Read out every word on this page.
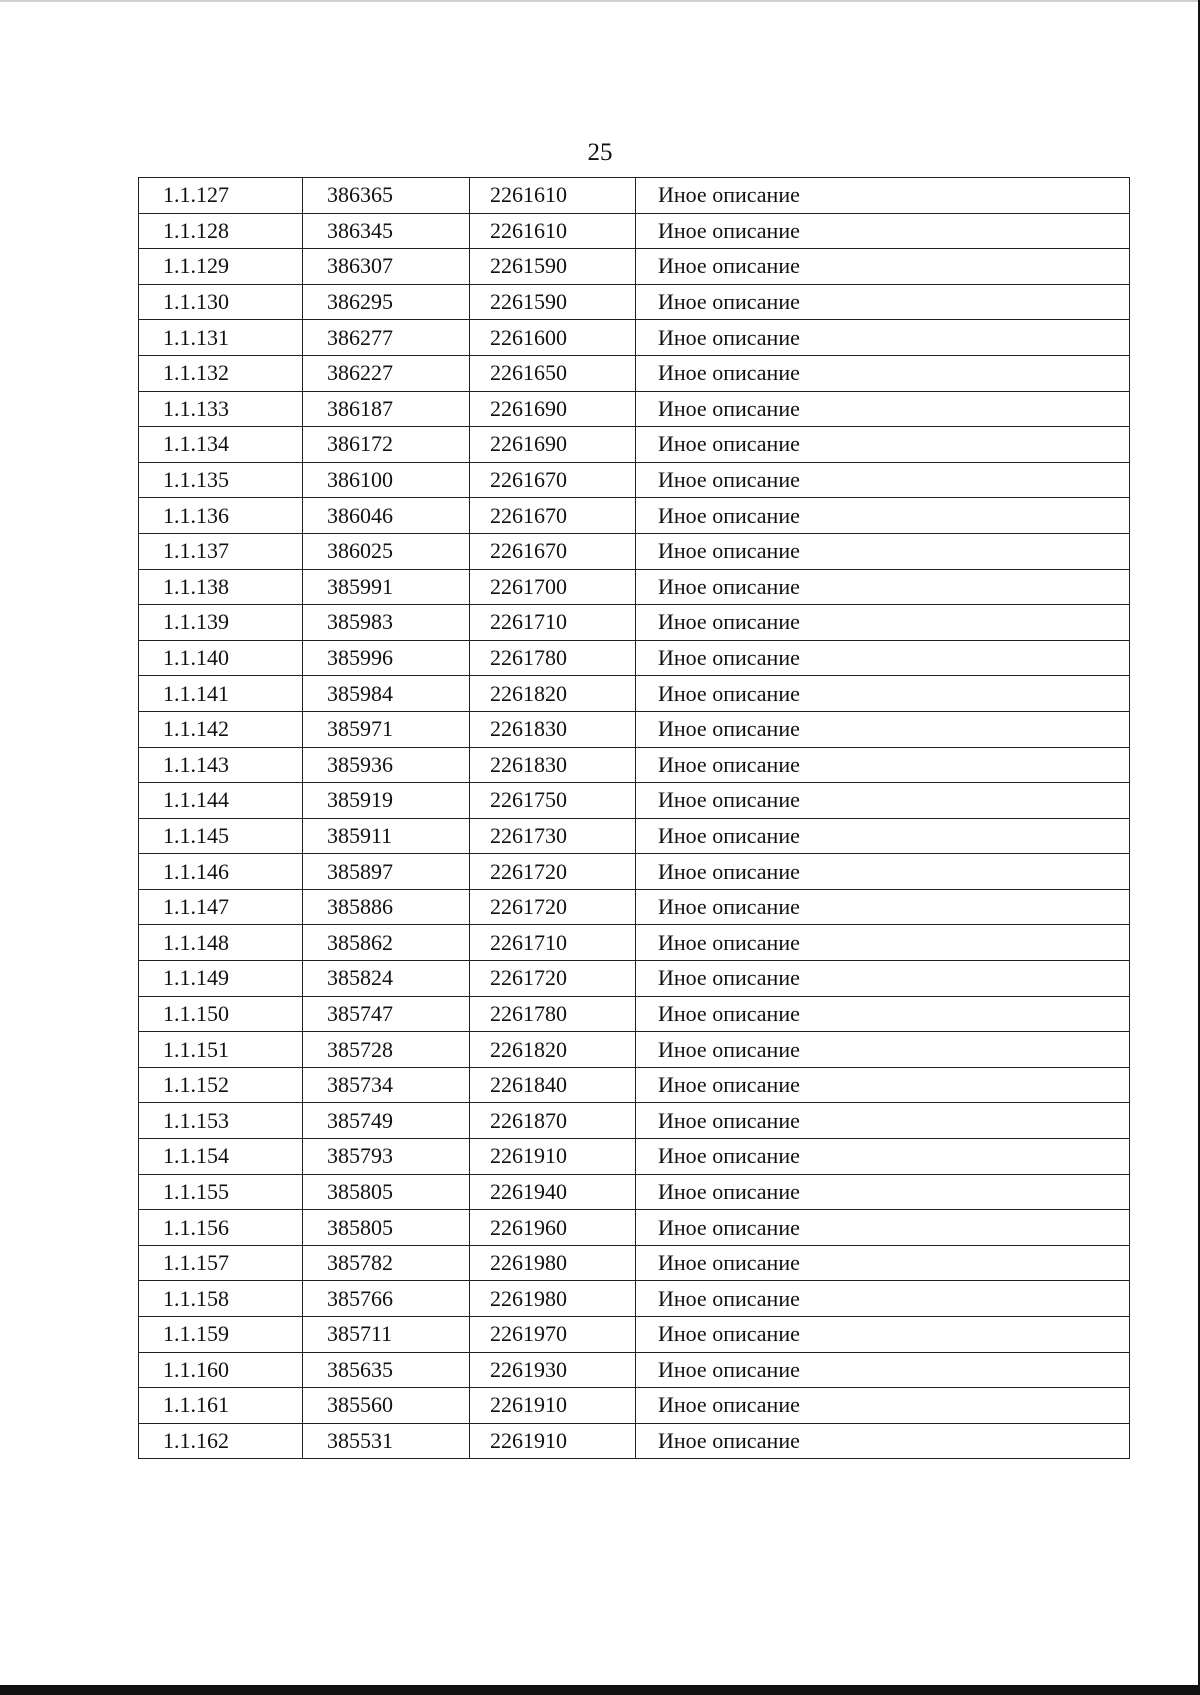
25
1.1.127	386365	2261610	Иное описание
1.1.128	386345	2261610	Иное описание
1.1.129	386307	2261590	Иное описание
1.1.130	386295	2261590	Иное описание
1.1.131	386277	2261600	Иное описание
1.1.132	386227	2261650	Иное описание
1.1.133	386187	2261690	Иное описание
1.1.134	386172	2261690	Иное описание
1.1.135	386100	2261670	Иное описание
1.1.136	386046	2261670	Иное описание
1.1.137	386025	2261670	Иное описание
1.1.138	385991	2261700	Иное описание
1.1.139	385983	2261710	Иное описание
1.1.140	385996	2261780	Иное описание
1.1.141	385984	2261820	Иное описание
1.1.142	385971	2261830	Иное описание
1.1.143	385936	2261830	Иное описание
1.1.144	385919	2261750	Иное описание
1.1.145	385911	2261730	Иное описание
1.1.146	385897	2261720	Иное описание
1.1.147	385886	2261720	Иное описание
1.1.148	385862	2261710	Иное описание
1.1.149	385824	2261720	Иное описание
1.1.150	385747	2261780	Иное описание
1.1.151	385728	2261820	Иное описание
1.1.152	385734	2261840	Иное описание
1.1.153	385749	2261870	Иное описание
1.1.154	385793	2261910	Иное описание
1.1.155	385805	2261940	Иное описание
1.1.156	385805	2261960	Иное описание
1.1.157	385782	2261980	Иное описание
1.1.158	385766	2261980	Иное описание
1.1.159	385711	2261970	Иное описание
1.1.160	385635	2261930	Иное описание
1.1.161	385560	2261910	Иное описание
1.1.162	385531	2261910	Иное описание
